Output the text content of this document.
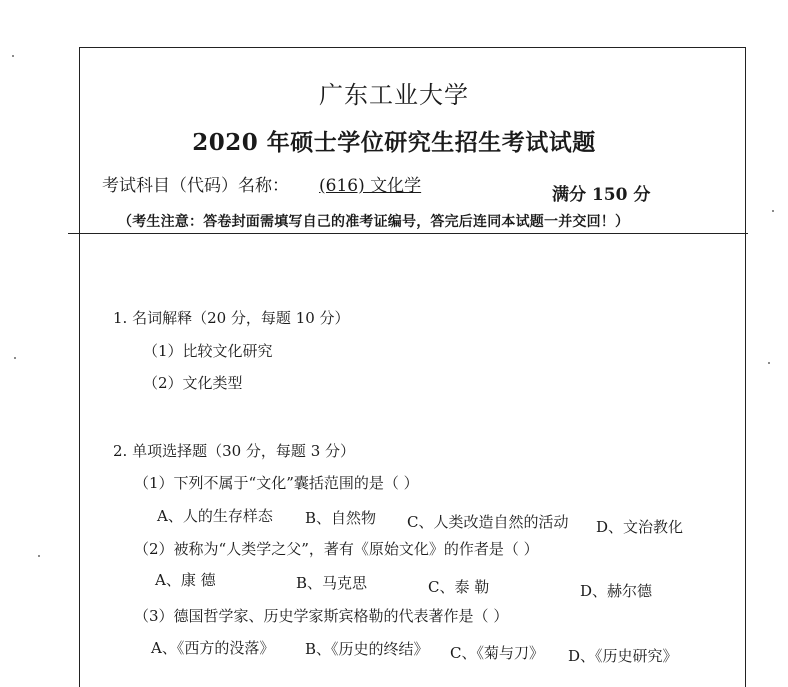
广东工业大学
2020 年硕士学位研究生招生考试试题
考试科目（代码）名称： (616) 文化学	满分 150 分
（考生注意：答卷封面需填写自己的准考证编号，答完后连同本试题一并交回！）
1. 名词解释（20 分，每题 10 分）
（1）比较文化研究
（2）文化类型
2. 单项选择题（30 分，每题 3 分）
（1）下列不属于“文化”囊括范围的是（ ）
A、人的生存样态 B、自然物 C、人类改造自然的活动 D、文治教化
（2）被称为“人类学之父”，著有《原始文化》的作者是（ ）
A、康 德	B、马克思	C、泰 勒	D、赫尔德
（3）德国哲学家、历史学家斯宾格勒的代表著作是（ ）
A、《西方的没落》 B、《历史的终结》 C、《菊与刀》 D、《历史研究》
